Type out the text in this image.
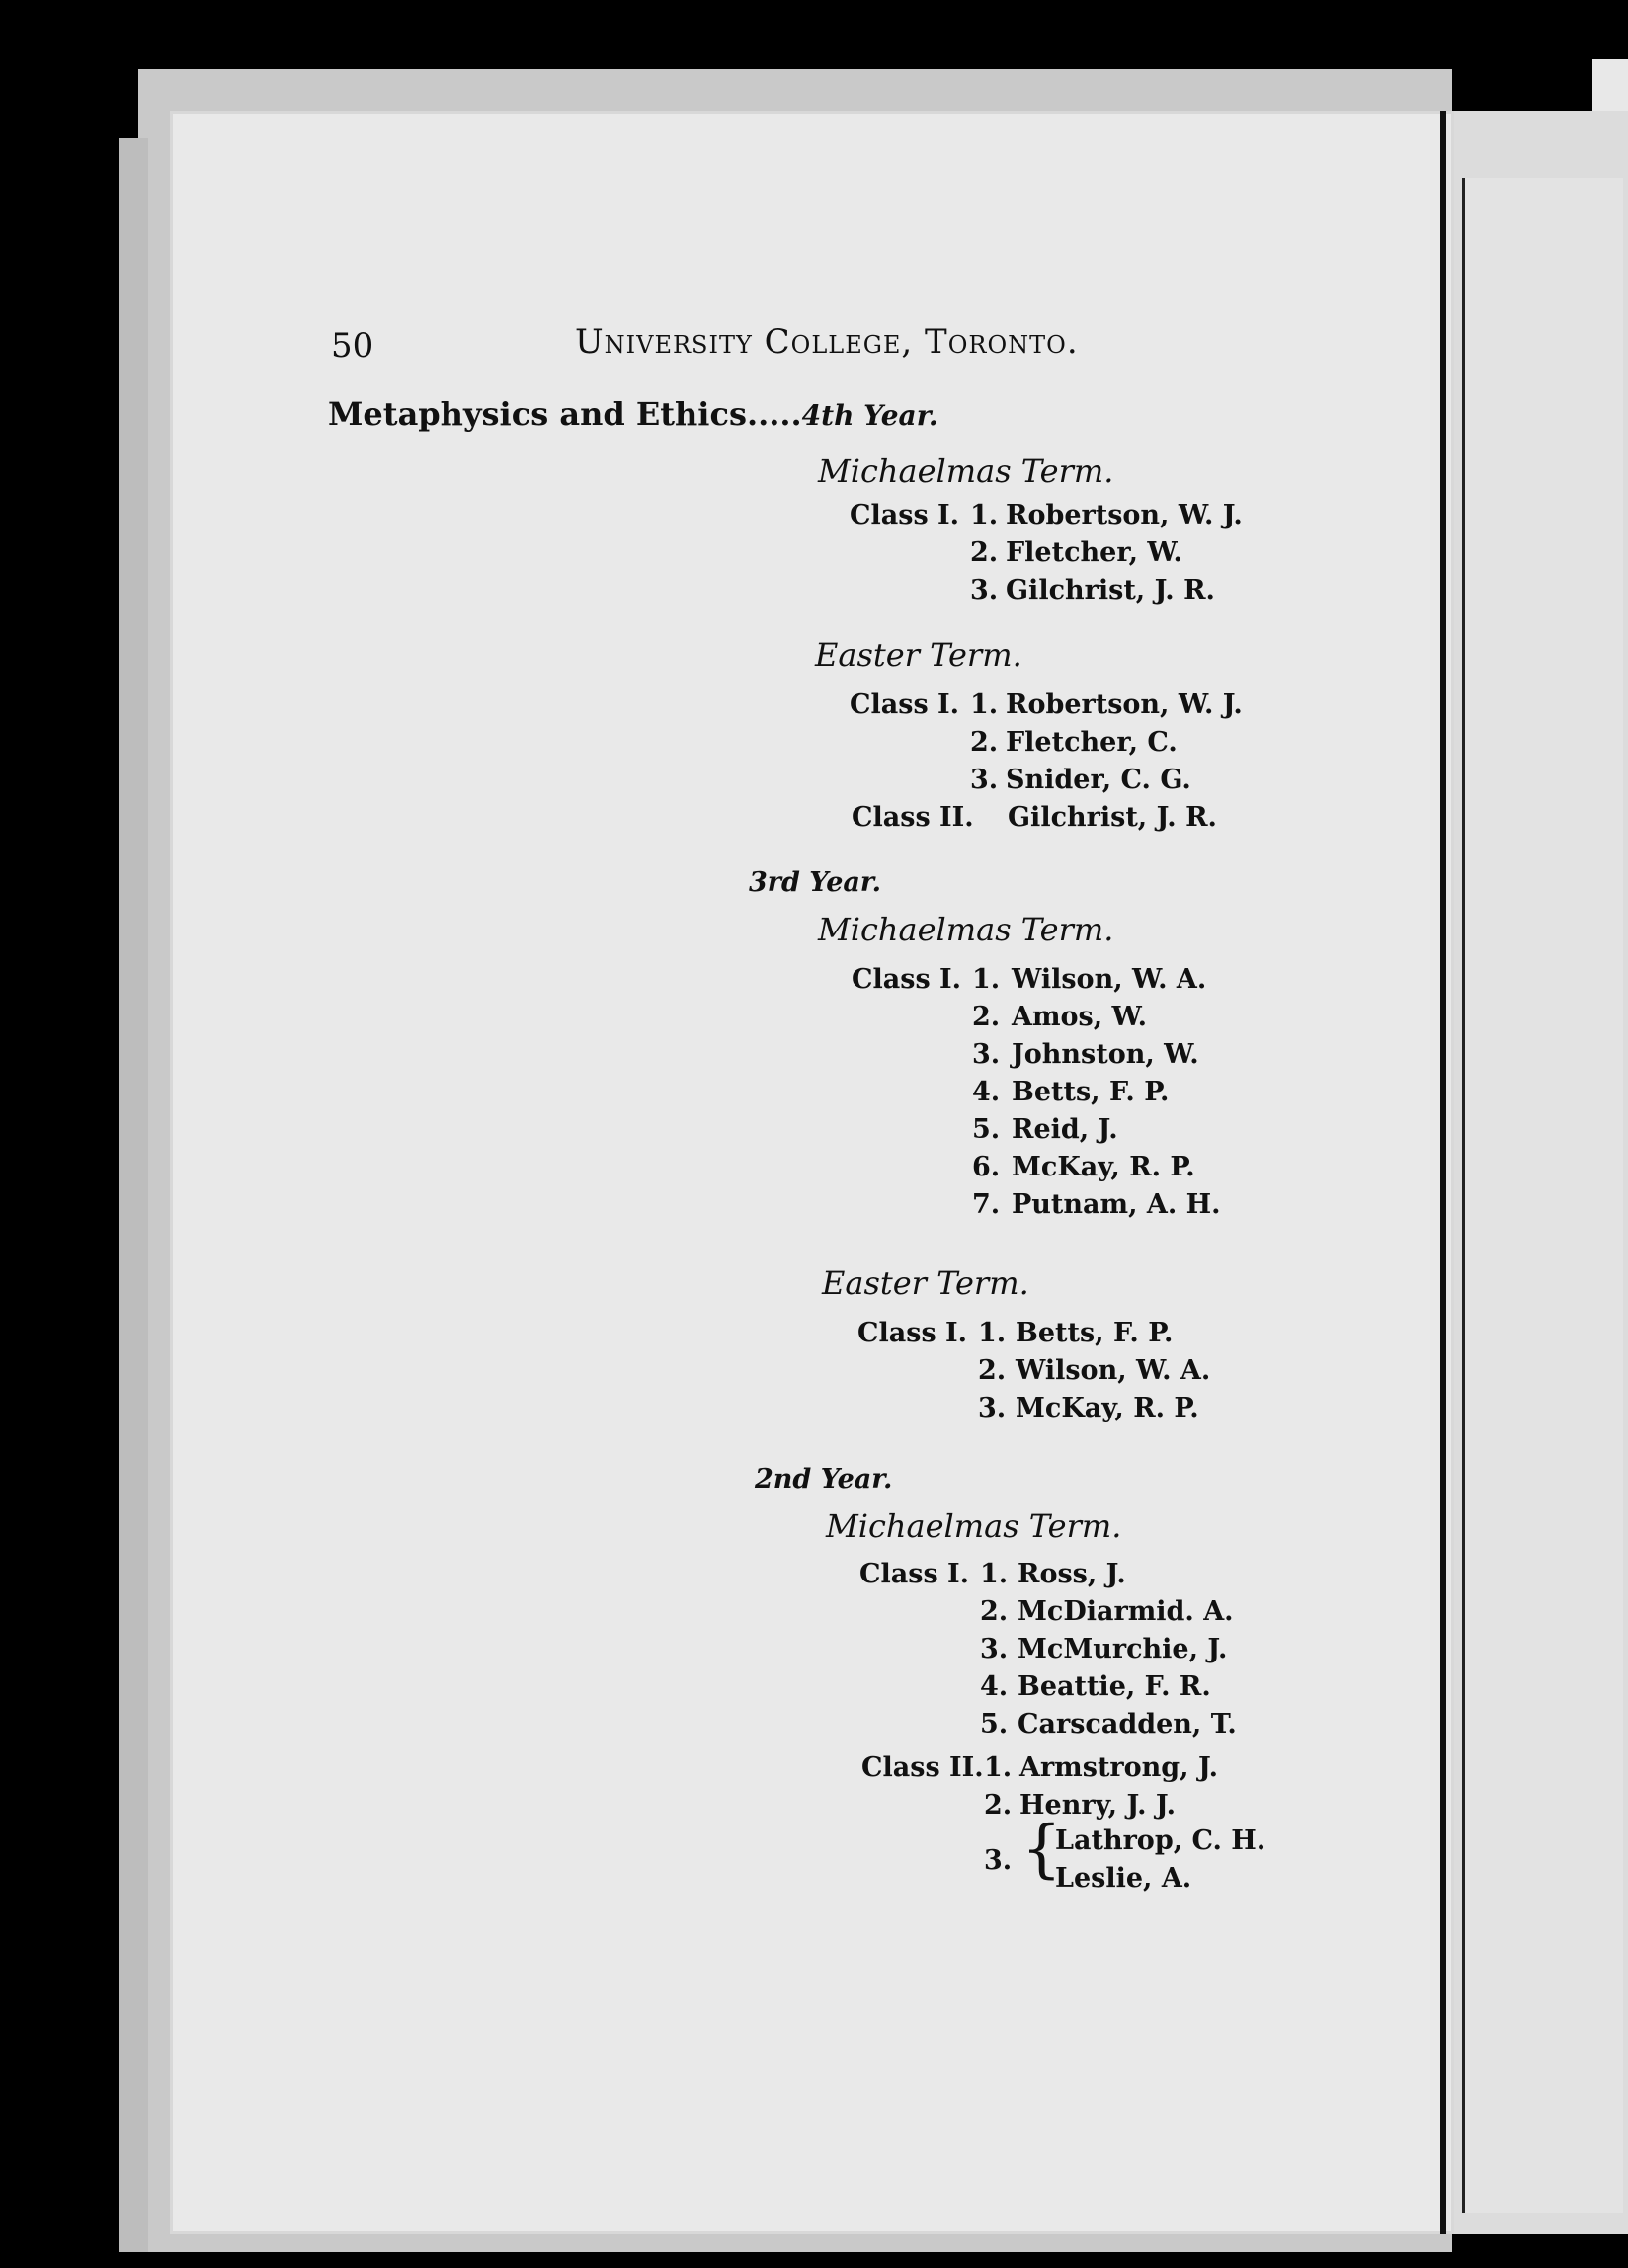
50	University College, Toronto.
Metaphysics and Ethics.....4th Year.
Michaelmas Term.
Class I. 1. Robertson, W. J.
2. Fletcher, W.
3. Gilchrist, J. R.
Easter Term.
Class I. 1. Robertson, W. J.
2. Fletcher, C.
3. Snider, C. G.
Class II. Gilchrist, J. R.
3rd Year.
Michaelmas Term.
Class I. 1. Wilson, W. A.
2. Amos, W.
3. Johnston, W.
4. Betts, F. P.
5. Reid, J.
6. McKay, R. P.
7. Putnam, A. H.
Easter Term.
Class I. 1. Betts, F. P.
2. Wilson, W. A.
3. McKay, R. P.
2nd Year.
Michaelmas Term.
Class I. 1. Ross, J.
2. McDiarmid. A.
3. McMurchie, J.
4. Beattie, F. R.
5. Carscadden, T.
Class II. 1. Armstrong, J.
2. Henry, J. J.
3. {
Lathrop, C. H.
Leslie, A.
